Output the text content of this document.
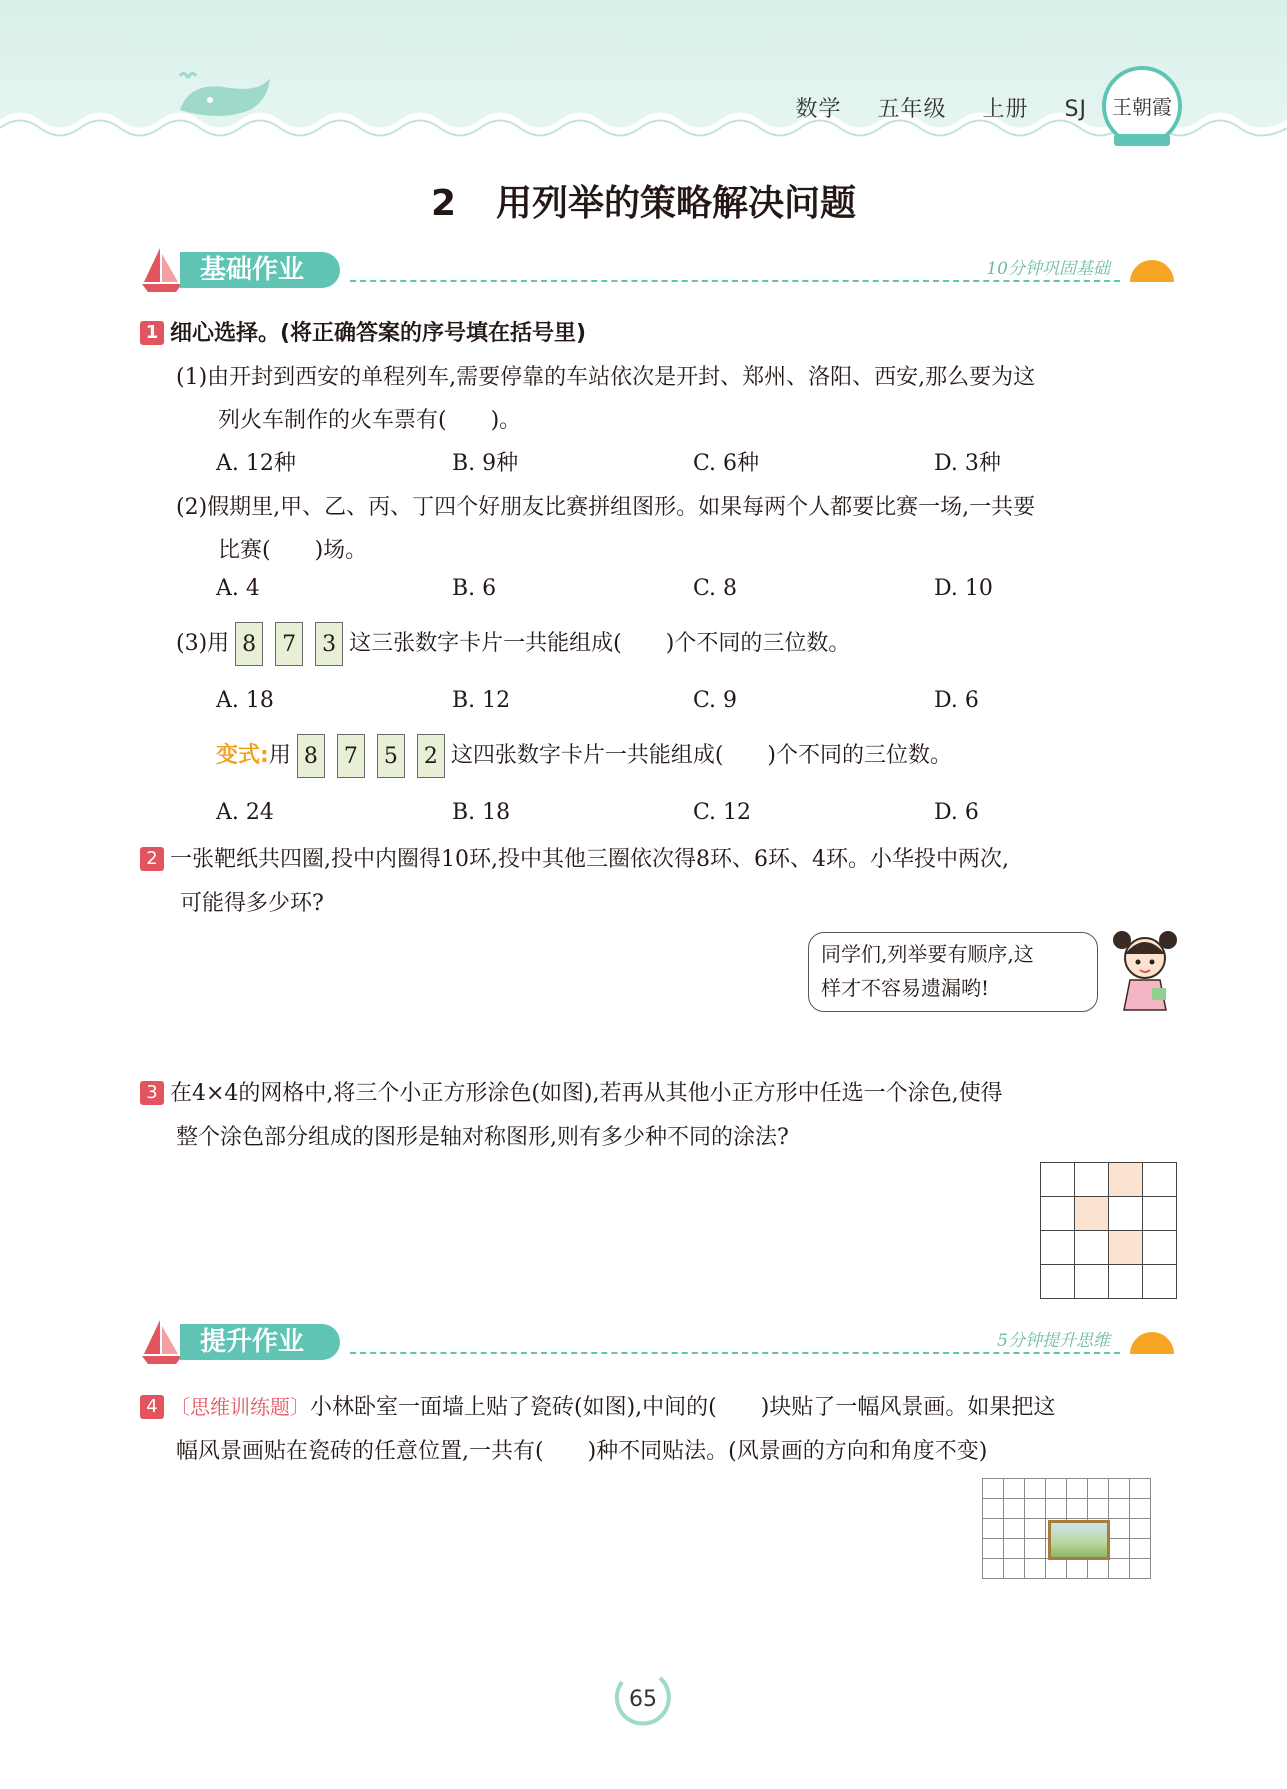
数学 五年级 上册 SJ 王朝霞
2 用列举的策略解决问题
基础作业	10分钟巩固基础
1 细心选择。(将正确答案的序号填在括号里)
(1)由开封到西安的单程列车,需要停靠的车站依次是开封、郑州、洛阳、西安,那么要为这
列火车制作的火车票有(　　)。
A. 12种	B. 9种	C. 6种	D. 3种
(2)假期里,甲、乙、丙、丁四个好朋友比赛拼组图形。如果每两个人都要比赛一场,一共要
比赛(　　)场。
A. 4	B. 6	C. 8	D. 10
(3)用 8 7 3 这三张数字卡片一共能组成(　　)个不同的三位数。
A. 18	B. 12	C. 9	D. 6
变式:用 8 7 5 2 这四张数字卡片一共能组成(　　)个不同的三位数。
A. 24	B. 18	C. 12	D. 6
2 一张靶纸共四圈,投中内圈得10环,投中其他三圈依次得8环、6环、4环。小华投中两次,
可能得多少环?
同学们,列举要有顺序,这
样才不容易遗漏哟!
3 在4×4的网格中,将三个小正方形涂色(如图),若再从其他小正方形中任选一个涂色,使得
整个涂色部分组成的图形是轴对称图形,则有多少种不同的涂法?

提升作业	5分钟提升思维
4 〔思维训练题〕小林卧室一面墙上贴了瓷砖(如图),中间的(　　)块贴了一幅风景画。如果把这
幅风景画贴在瓷砖的任意位置,一共有(　　)种不同贴法。(风景画的方向和角度不变)

65
